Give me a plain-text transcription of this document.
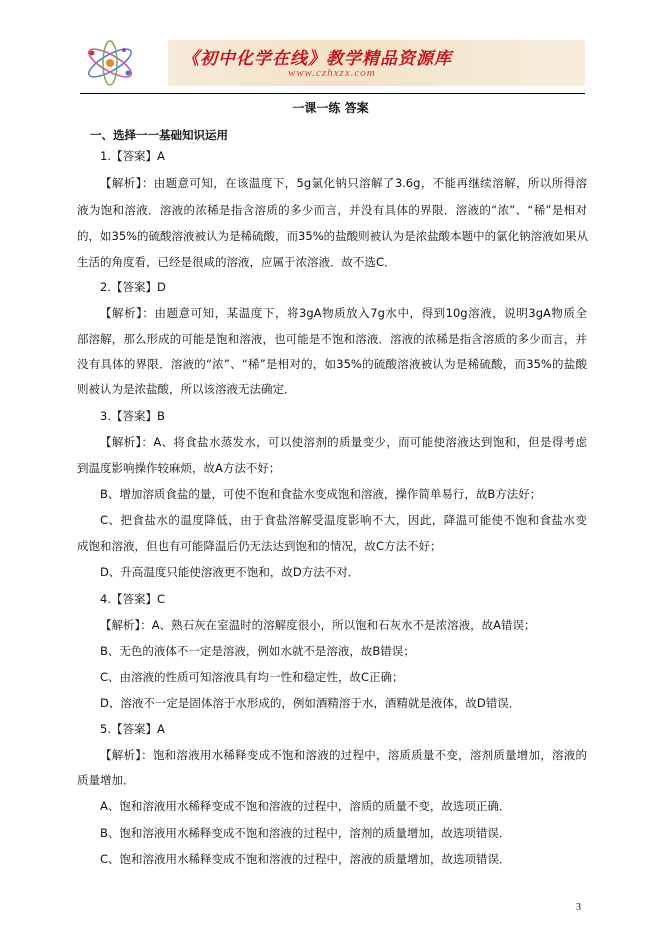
《初中化学在线》教学精品资源库
www.czhxzx.com
一课一练 答案
一、选择一一基础知识运用
1.【答案】A
【解析】：由题意可知，在该温度下，5g氯化钠只溶解了3.6g，不能再继续溶解，所以所得溶
液为饱和溶液．溶液的浓稀是指含溶质的多少而言，并没有具体的界限．溶液的“浓”、“稀”是相对
的，如35%的硫酸溶液被认为是稀硫酸，而35%的盐酸则被认为是浓盐酸本题中的氯化钠溶液如果从
生活的角度看，已经是很咸的溶液，应属于浓溶液．故不选C．
2.【答案】D
【解析】：由题意可知，某温度下，将3gA物质放入7g水中，得到10g溶液，说明3gA物质全
部溶解，那么形成的可能是饱和溶液，也可能是不饱和溶液．溶液的浓稀是指含溶质的多少而言，并
没有具体的界限．溶液的“浓”、“稀”是相对的，如35%的硫酸溶液被认为是稀硫酸，而35%的盐酸
则被认为是浓盐酸，所以该溶液无法确定．
3.【答案】B
【解析】：A、将食盐水蒸发水，可以使溶剂的质量变少，而可能使溶液达到饱和，但是得考虑
到温度影响操作较麻烦，故A方法不好；
B、增加溶质食盐的量，可使不饱和食盐水变成饱和溶液，操作简单易行，故B方法好；
C、把食盐水的温度降低，由于食盐溶解受温度影响不大，因此，降温可能使不饱和食盐水变
成饱和溶液，但也有可能降温后仍无法达到饱和的情况，故C方法不好；
D、升高温度只能使溶液更不饱和，故D方法不对．
4.【答案】C
【解析】：A、熟石灰在室温时的溶解度很小，所以饱和石灰水不是浓溶液，故A错误；
B、无色的液体不一定是溶液，例如水就不是溶液，故B错误；
C、由溶液的性质可知溶液具有均一性和稳定性，故C正确；
D、溶液不一定是固体溶于水形成的，例如酒精溶于水，酒精就是液体，故D错误．
5.【答案】A
【解析】：饱和溶液用水稀释变成不饱和溶液的过程中，溶质质量不变，溶剂质量增加，溶液的
质量增加．
A、饱和溶液用水稀释变成不饱和溶液的过程中，溶质的质量不变，故选项正确．
B、饱和溶液用水稀释变成不饱和溶液的过程中，溶剂的质量增加，故选项错误．
C、饱和溶液用水稀释变成不饱和溶液的过程中，溶液的质量增加，故选项错误．
3
